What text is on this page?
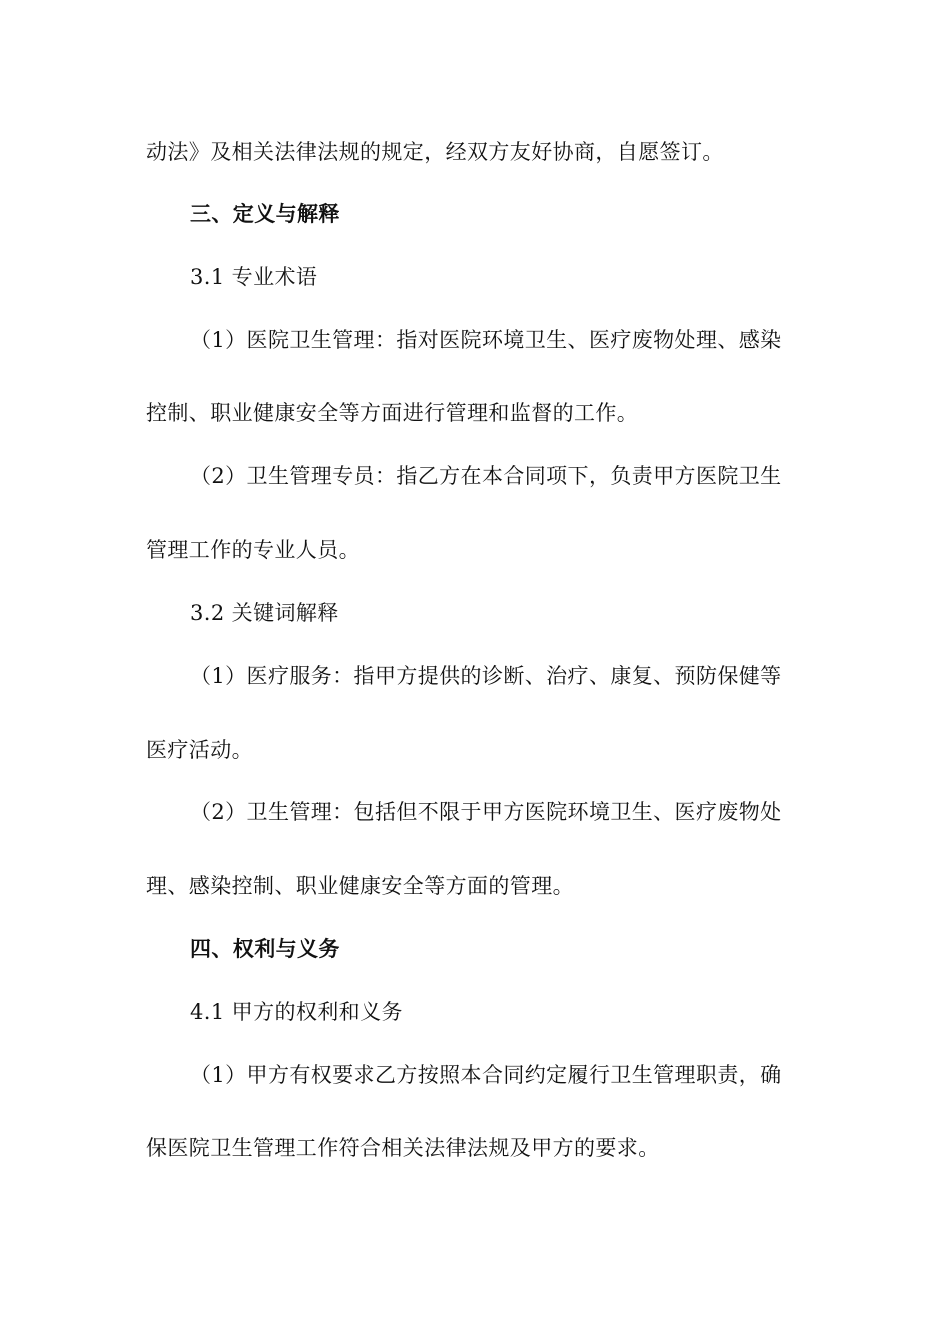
动法》及相关法律法规的规定，经双方友好协商，自愿签订。
三、定义与解释
3.1 专业术语
（1）医院卫生管理：指对医院环境卫生、医疗废物处理、感染
控制、职业健康安全等方面进行管理和监督的工作。
（2）卫生管理专员：指乙方在本合同项下，负责甲方医院卫生
管理工作的专业人员。
3.2 关键词解释
（1）医疗服务：指甲方提供的诊断、治疗、康复、预防保健等
医疗活动。
（2）卫生管理：包括但不限于甲方医院环境卫生、医疗废物处
理、感染控制、职业健康安全等方面的管理。
四、权利与义务
4.1 甲方的权利和义务
（1）甲方有权要求乙方按照本合同约定履行卫生管理职责，确
保医院卫生管理工作符合相关法律法规及甲方的要求。
